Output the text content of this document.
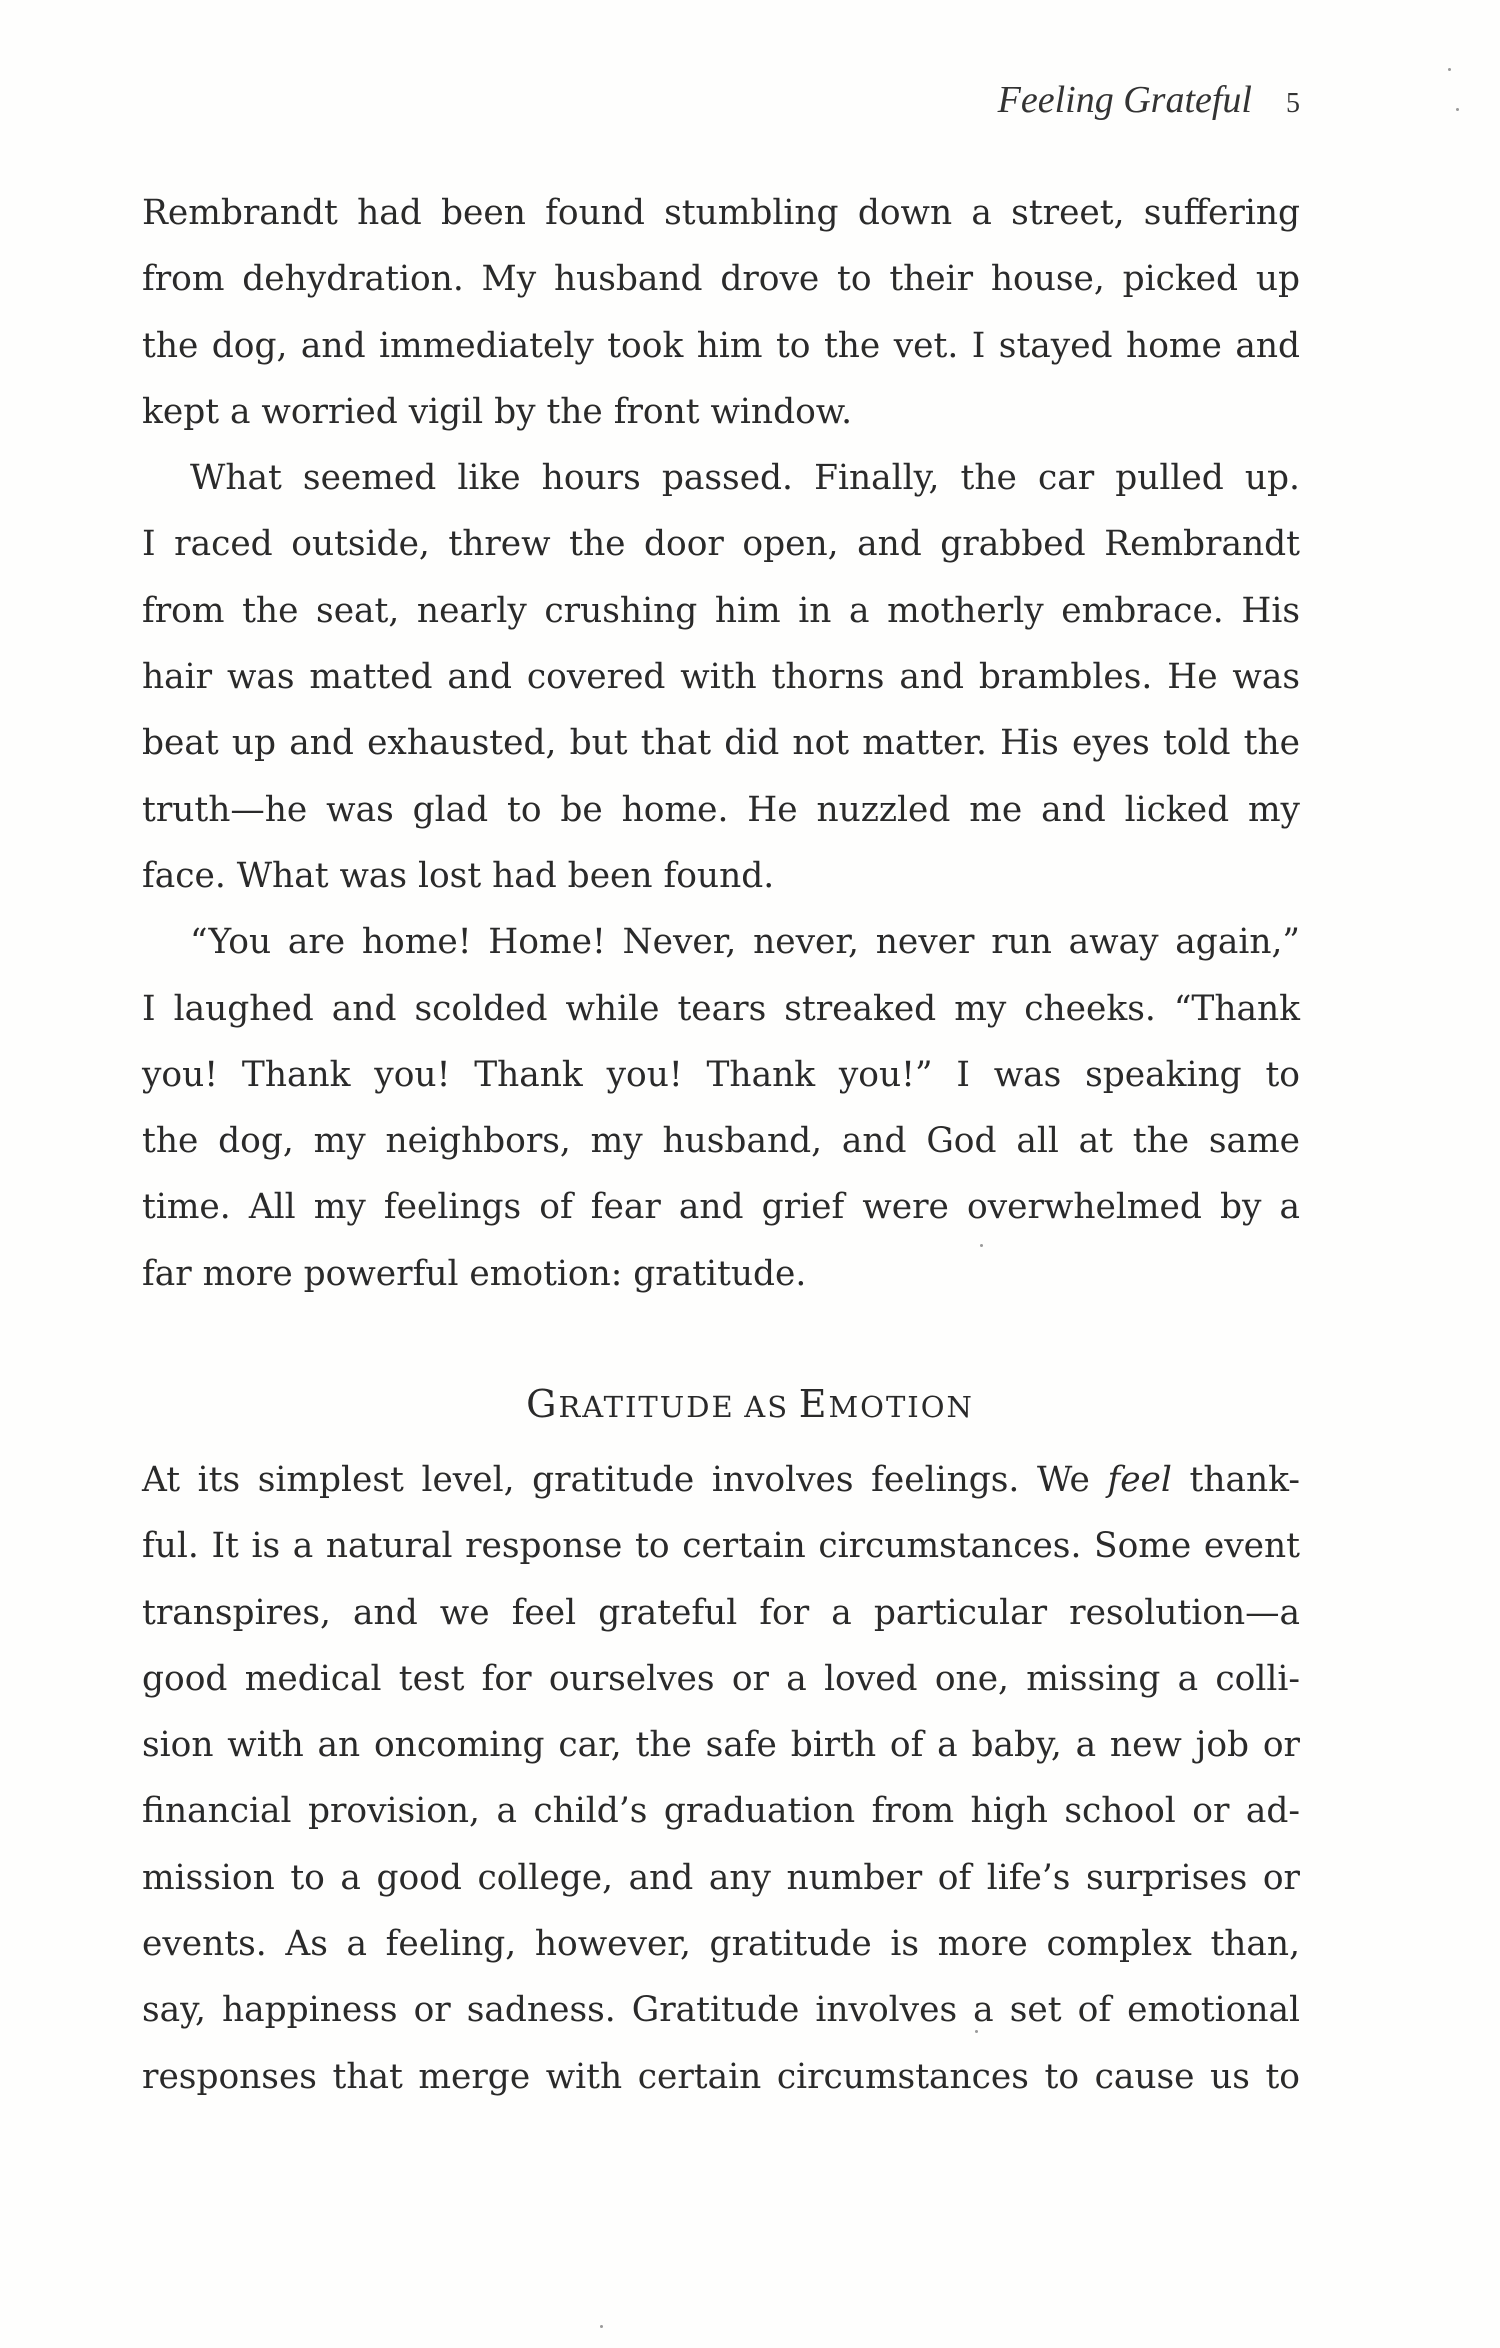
Feeling Grateful 5
Rembrandt had been found stumbling down a street, suffering
from dehydration. My husband drove to their house, picked up
the dog, and immediately took him to the vet. I stayed home and
kept a worried vigil by the front window.
What seemed like hours passed. Finally, the car pulled up.
I raced outside, threw the door open, and grabbed Rembrandt
from the seat, nearly crushing him in a motherly embrace. His
hair was matted and covered with thorns and brambles. He was
beat up and exhausted, but that did not matter. His eyes told the
truth—he was glad to be home. He nuzzled me and licked my
face. What was lost had been found.
“You are home! Home! Never, never, never run away again,”
I laughed and scolded while tears streaked my cheeks. “Thank
you! Thank you! Thank you! Thank you!” I was speaking to
the dog, my neighbors, my husband, and God all at the same
time. All my feelings of fear and grief were overwhelmed by a
far more powerful emotion: gratitude.
GRATITUDE AS EMOTION
At its simplest level, gratitude involves feelings. We feel thank-
ful. It is a natural response to certain circumstances. Some event
transpires, and we feel grateful for a particular resolution—a
good medical test for ourselves or a loved one, missing a colli-
sion with an oncoming car, the safe birth of a baby, a new job or
financial provision, a child’s graduation from high school or ad-
mission to a good college, and any number of life’s surprises or
events. As a feeling, however, gratitude is more complex than,
say, happiness or sadness. Gratitude involves a set of emotional
responses that merge with certain circumstances to cause us to
